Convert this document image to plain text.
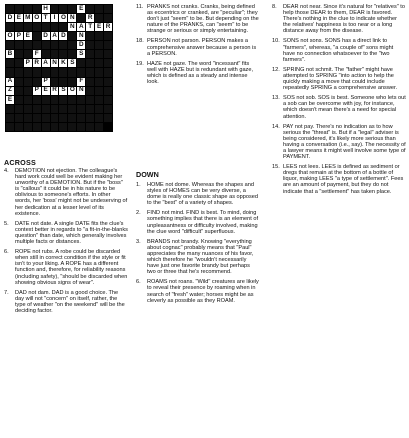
H	E
D E M O T I O N R
N A T E R
O P E D A D N
D
B	F	S
P R A N K S
A	P	F
Z	P E R S O N
E
ACROSS
4. DEMOTION not ejection. The colleague's hard work could well be evident making her unworthy of a DEMOTION. But if the "boss" is "callous" it could be in his nature to be oblivious to someone's efforts. In other words, her 'boss' might not be undeserving of her dedication at a lesser level of its existence.
5. DATE not date. A single DATE fits the clue's context better in regards to "a fit-in-the-blanks question" than date, which generally involves multiple facts or distances.
6. ROPE not rubs. A robe could be discarded when still in correct condition if the style or fit isn't to your liking. A ROPE has a different function and, therefore, for reliability reasons (including safety), "should be discarded when showing obvious signs of wear".
7. DAD not dam. DAD is a good choice. The day will not "concern" on itself, rather, the type of weather "on the weekend" will be the deciding factor.
11. PRANKS not cranks. Cranks, being defined as eccentrics or cranked, are "peculiar"; they don't just "seem" to be. But depending on the nature of the PRANKS, can "seem" to be strange or serious or simply entertaining.
18. PERSON not parson. PERSON makes a comprehensive answer because a person is a PERSON.
19. HAZE not gaze. The word "incessant" fits well with HAZE but is redundant with gaze, which is defined as a steady and intense look.
DOWN
1. HOME not dome. Whereas the shapes and styles of HOMES can be very diverse, a dome is really one classic shape as opposed to the "best" of a variety of shapes.
2. FIND not mind. FIND is best. To mind, doing something implies that there is an element of unpleasantness or difficulty involved, making the clue word "difficult" superfluous.
3. BRANDS not brandy. Knowing "everything about cognac" probably means that "Paul" appreciates the many nuances of his favor, which therefore he "wouldn't necessarily have just one favorite brandy but perhaps two or three that he's recommend.
6. ROAMS not roans. "Wild" creatures are likely to reveal their presence by roaming when in search of "fresh" water; horses might be as cleverly as possible as they ROAM.
8. DEAR not near. Since it's natural for "relatives" to help those DEAR to them, DEAR is favored. There's nothing in the clue to indicate whether the relatives' happiness is too near or a long distance away from the disease.
10. SONS not sons. SONS has a direct link to "farmers", whereas, "a couple of" sons might have no connection whatsoever to the "two farmers".
12. SPRING not schmit. The "father" might have attempted to SPRING "into action to help the quickly making a move that could include repeatedly SPRING a comprehensive answer.
13. SOS not sob. SOS is best. Someone who lets out a sob can be overcome with joy, for instance, which doesn't mean there's a need for special attention.
14. PAY not pay. There's no indication as to how serious the "threat" is. But if a "legal" adviser is being considered, it's likely more serious than having a conversation (i.e., say). The necessity of a lawyer means it might well involve some type of PAYMENT.
15. LEES not lees. LEES is defined as sediment or dregs that remain at the bottom of a bottle of liquor, making LEES "a type of settlement". Fees are an amount of payment, but they do not indicate that a "settlement" has taken place.
